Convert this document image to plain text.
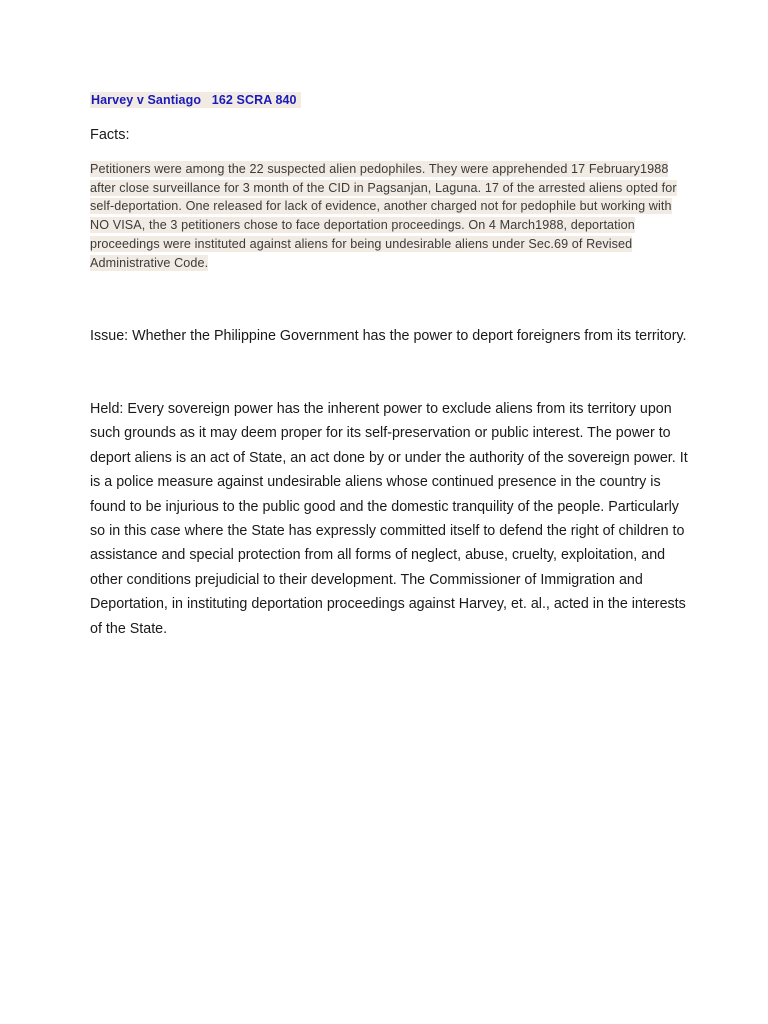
Harvey v Santiago   162 SCRA 840

Facts:

Petitioners were among the 22 suspected alien pedophiles. They were apprehended 17 February1988 after close surveillance for 3 month of the CID in Pagsanjan, Laguna. 17 of the arrested aliens opted for self-deportation. One released for lack of evidence, another charged not for pedophile but working with NO VISA, the 3 petitioners chose to face deportation proceedings. On 4 March1988, deportation proceedings were instituted against aliens for being undesirable aliens under Sec.69 of Revised Administrative Code.

Issue: Whether the Philippine Government has the power to deport foreigners from its territory.

Held: Every sovereign power has the inherent power to exclude aliens from its territory upon such grounds as it may deem proper for its self-preservation or public interest. The power to deport aliens is an act of State, an act done by or under the authority of the sovereign power. It is a police measure against undesirable aliens whose continued presence in the country is found to be injurious to the public good and the domestic tranquility of the people. Particularly so in this case where the State has expressly committed itself to defend the right of children to assistance and special protection from all forms of neglect, abuse, cruelty, exploitation, and other conditions prejudicial to their development. The Commissioner of Immigration and Deportation, in instituting deportation proceedings against Harvey, et. al., acted in the interests of the State.
